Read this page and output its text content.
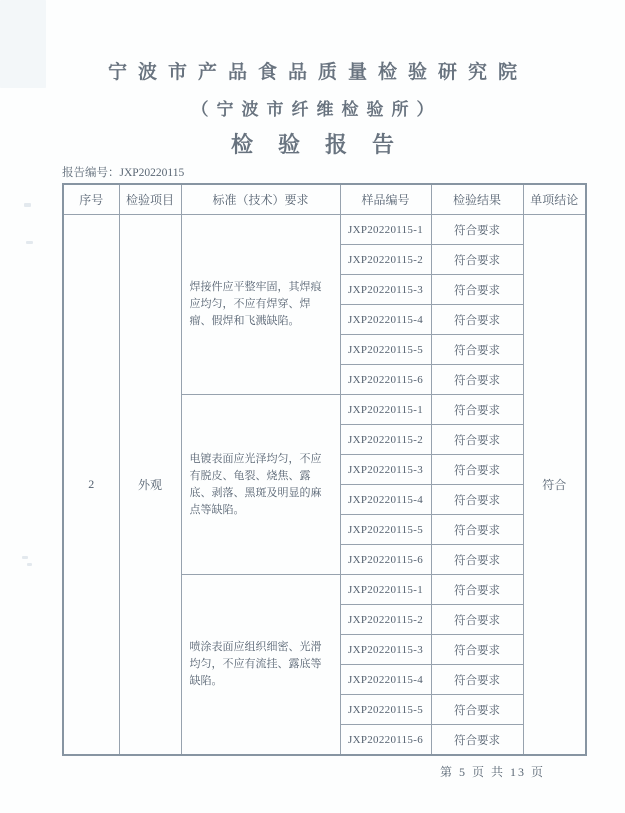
宁波市产品食品质量检验研究院
（宁波市纤维检验所）
检验报告
报告编号：JXP20220115
序号	检验项目	标准（技术）要求	样品编号	检验结果	单项结论
2	外观	焊接件应平整牢固，其焊痕应均匀，不应有焊穿、焊瘤、假焊和飞溅缺陷。	JXP20220115-1	符合要求	符合
			JXP20220115-2	符合要求	
			JXP20220115-3	符合要求	
			JXP20220115-4	符合要求	
			JXP20220115-5	符合要求	
			JXP20220115-6	符合要求	
		电镀表面应光泽均匀，不应有脱皮、龟裂、烧焦、露底、剥落、黑斑及明显的麻点等缺陷。	JXP20220115-1	符合要求	
			JXP20220115-2	符合要求	
			JXP20220115-3	符合要求	
			JXP20220115-4	符合要求	
			JXP20220115-5	符合要求	
			JXP20220115-6	符合要求	
		喷涂表面应组织细密、光滑均匀，不应有流挂、露底等缺陷。	JXP20220115-1	符合要求	
			JXP20220115-2	符合要求	
			JXP20220115-3	符合要求	
			JXP20220115-4	符合要求	
			JXP20220115-5	符合要求	
			JXP20220115-6	符合要求	
第 5 页 共 13 页
